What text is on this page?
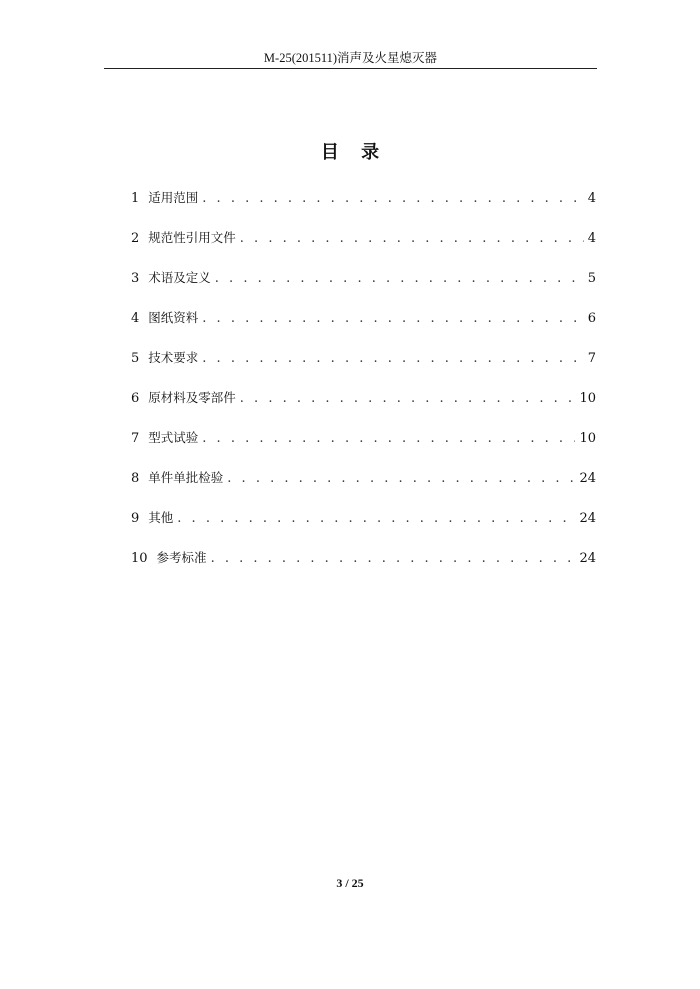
M-25(201511)消声及火星熄灭器
目 录
1 适用范围 . . .	4
2 规范性引用文件 . . .	4
3 术语及定义 . . .	5
4 图纸资料 . . .	6
5 技术要求 . . .	7
6 原材料及零部件 . . .	10
7 型式试验 . . .	10
8 单件单批检验 . . .	24
9 其他 . . .	24
10 参考标准 . . .	24
3 / 25
